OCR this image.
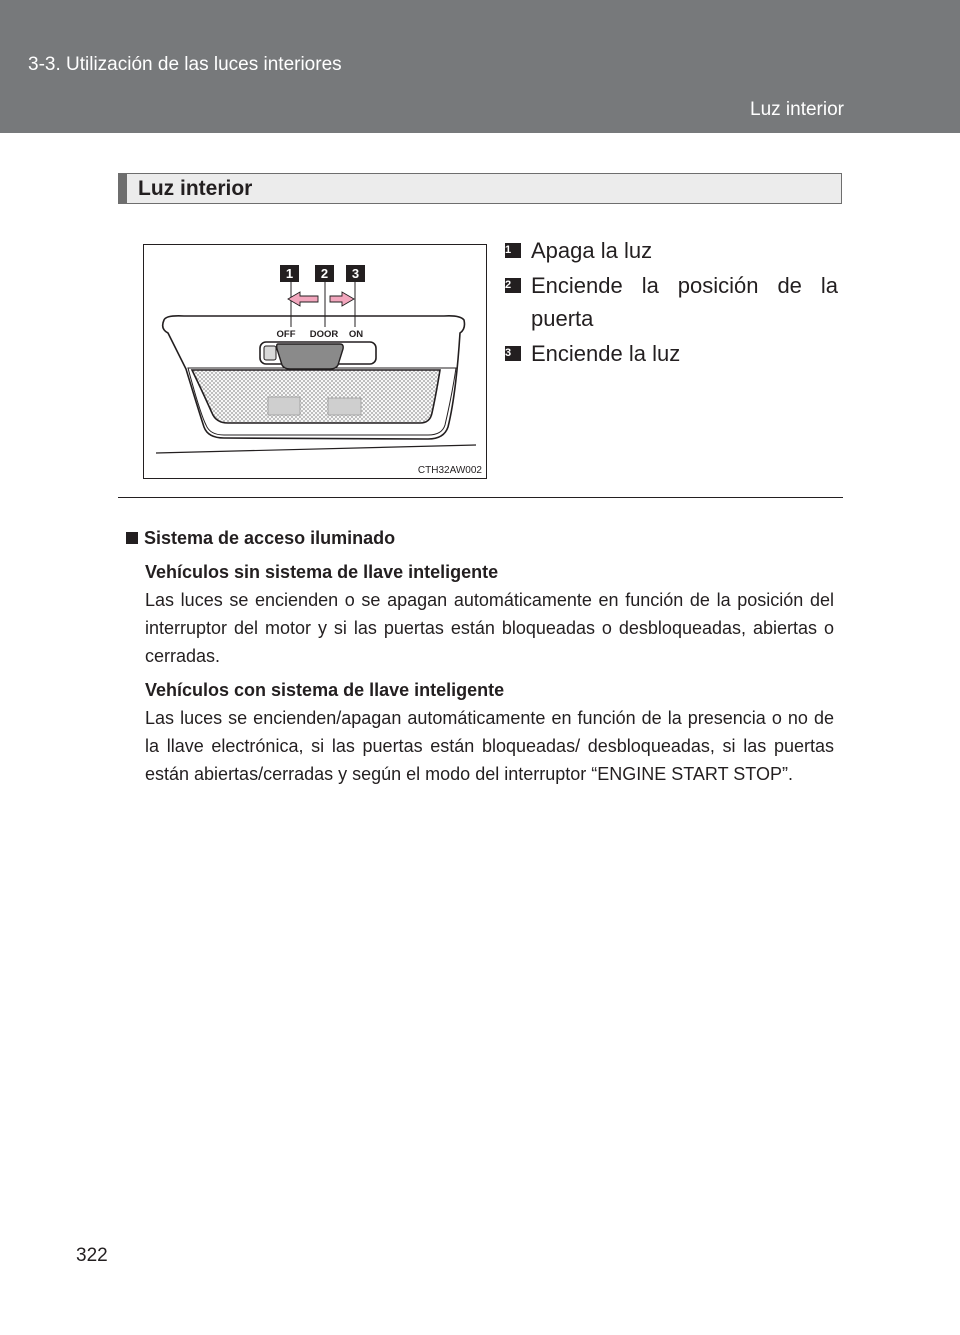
3-3. Utilización de las luces interiores
Luz interior
Luz interior
1 2 3
OFF DOOR ON
CTH32AW002
1 Apaga la luz
2 Enciende la posición de la puerta
3 Enciende la luz
Sistema de acceso iluminado
Vehículos sin sistema de llave inteligente
Las luces se encienden o se apagan automáticamente en función de la posición del interruptor del motor y si las puertas están bloqueadas o desbloqueadas, abiertas o cerradas.
Vehículos con sistema de llave inteligente
Las luces se encienden/apagan automáticamente en función de la presencia o no de la llave electrónica, si las puertas están bloqueadas/ desbloqueadas, si las puertas están abiertas/cerradas y según el modo del interruptor “ENGINE START STOP”.
322
